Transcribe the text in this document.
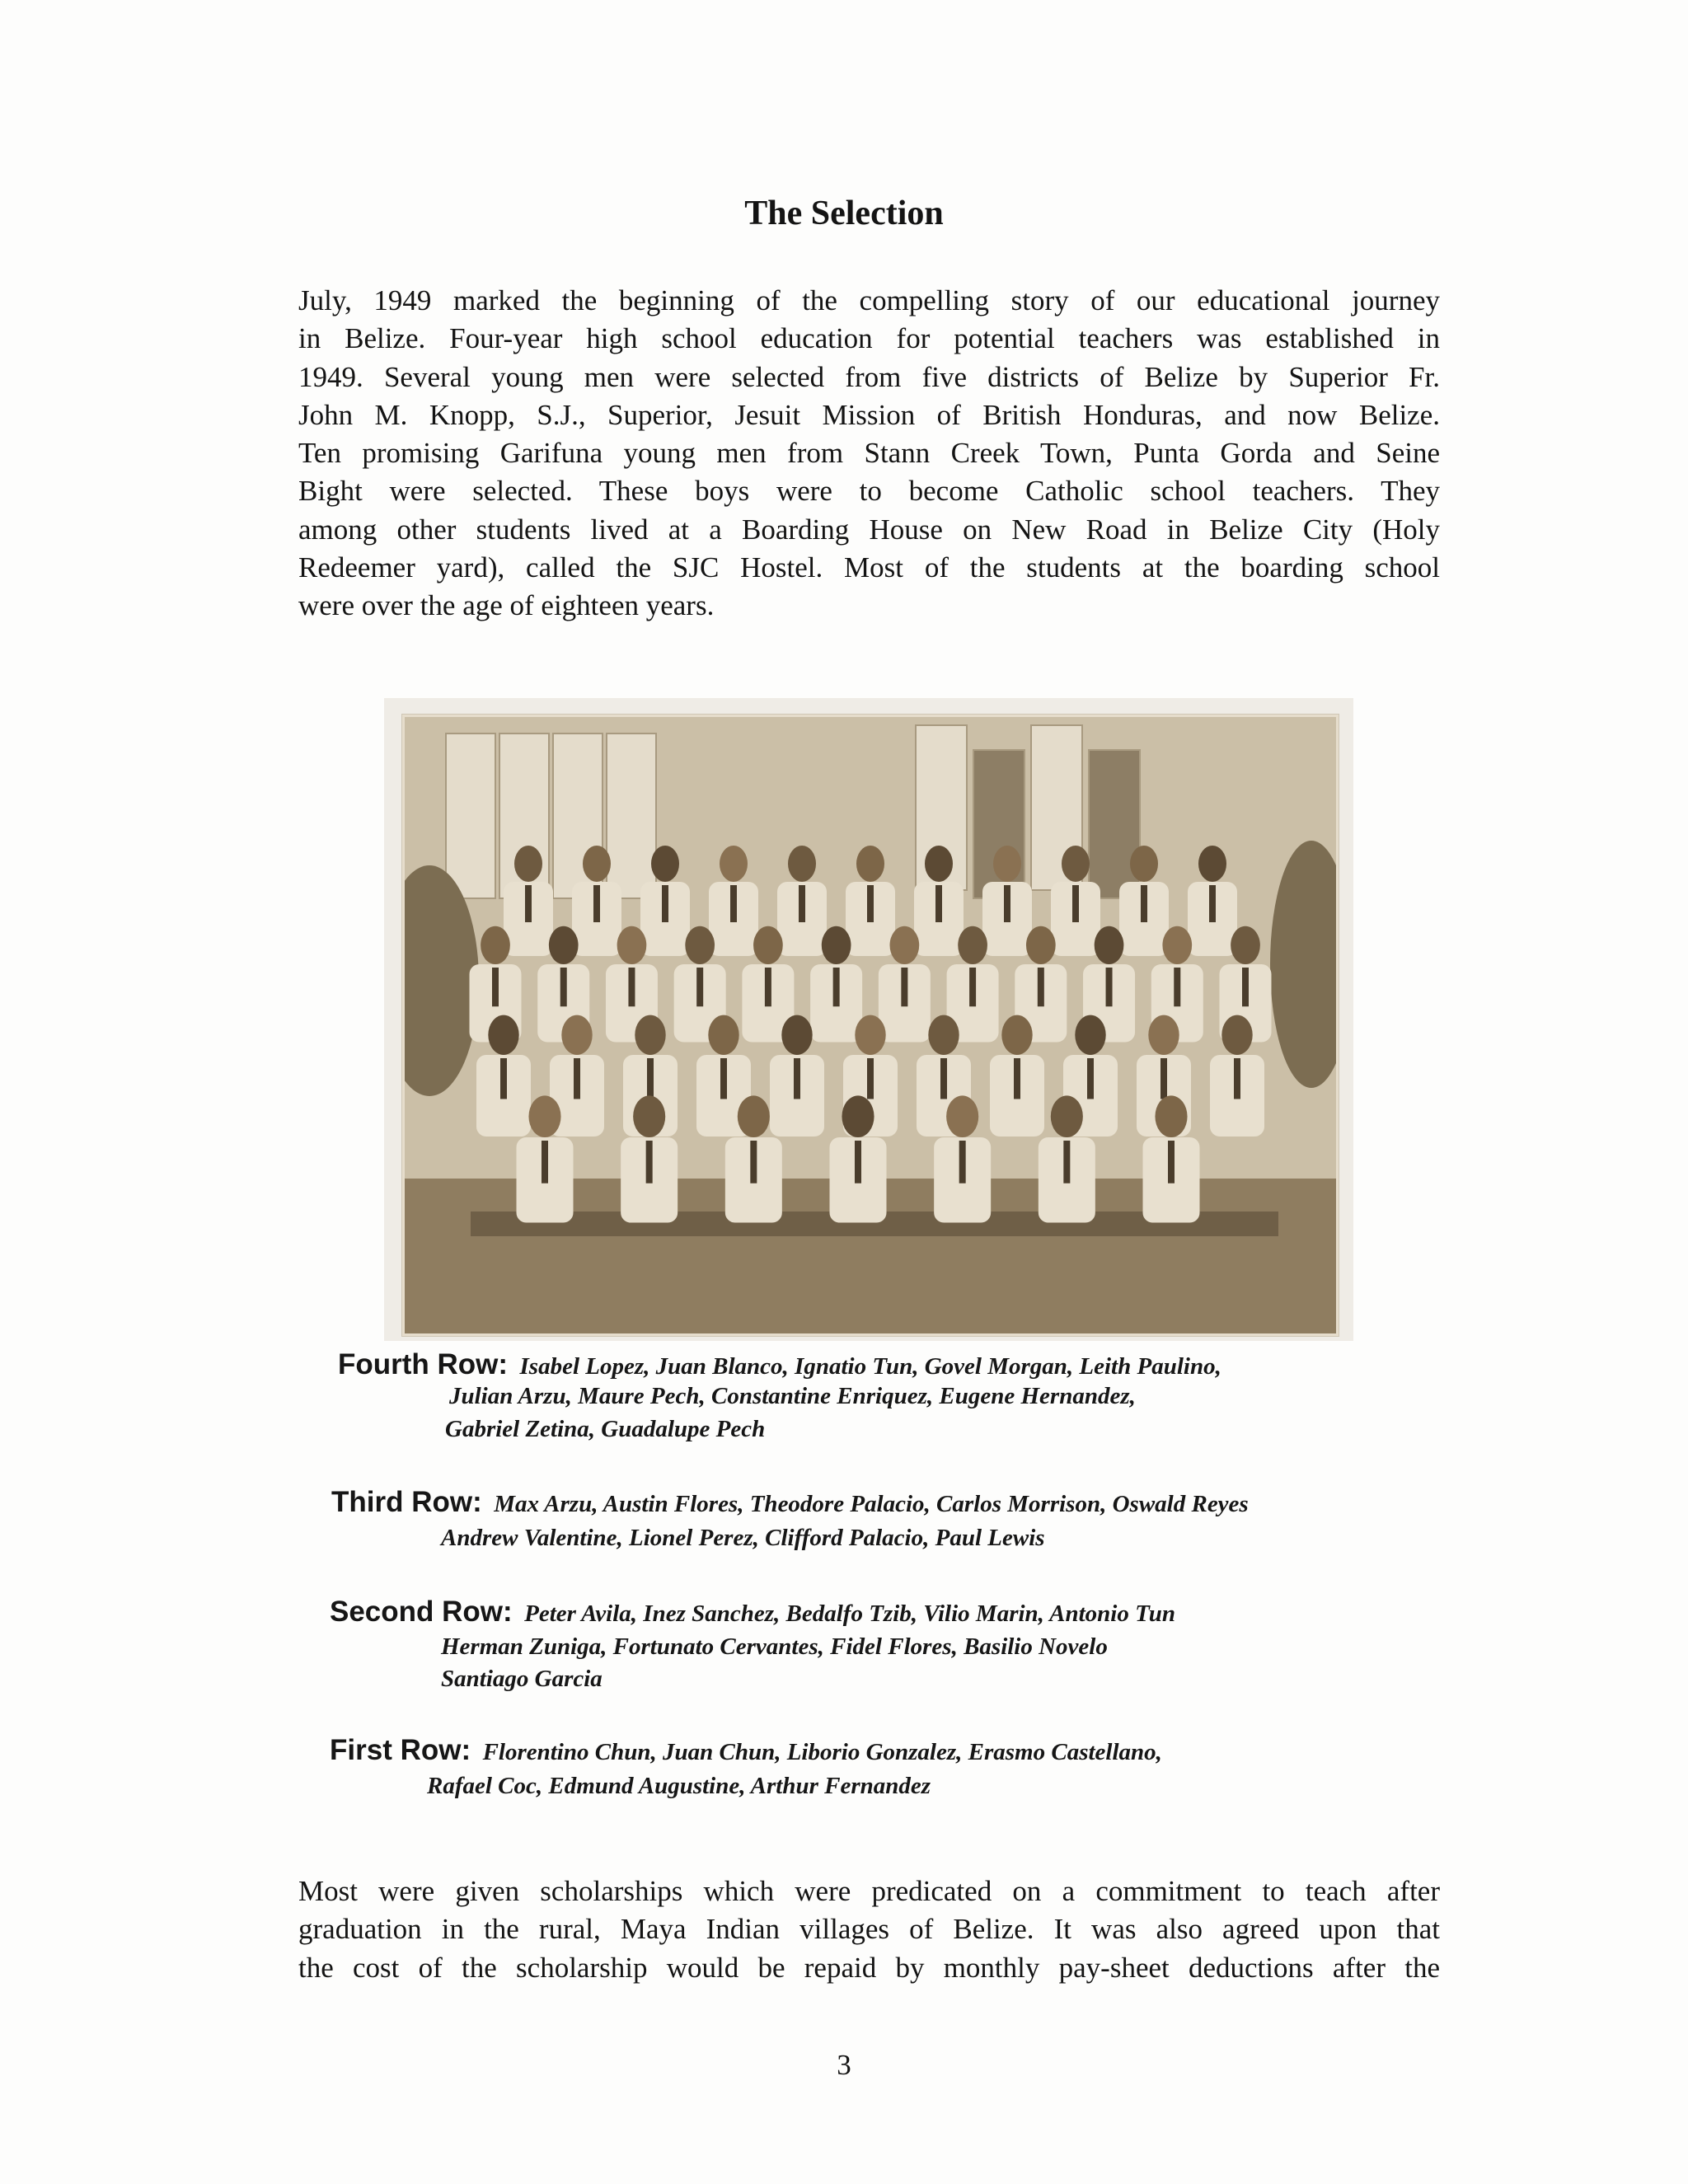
The Selection
July, 1949 marked the beginning of the compelling story of our educational journey
in Belize. Four-year high school education for potential teachers was established in
1949. Several young men were selected from five districts of Belize by Superior Fr.
John M. Knopp, S.J., Superior, Jesuit Mission of British Honduras, and now Belize.
Ten promising Garifuna young men from Stann Creek Town, Punta Gorda and Seine
Bight were selected. These boys were to become Catholic school teachers. They
among other students lived at a Boarding House on New Road in Belize City (Holy
Redeemer yard), called the SJC Hostel. Most of the students at the boarding school
were over the age of eighteen years.
Fourth Row: Isabel Lopez, Juan Blanco, Ignatio Tun, Govel Morgan, Leith Paulino,
Julian Arzu, Maure Pech, Constantine Enriquez, Eugene Hernandez,
Gabriel Zetina, Guadalupe Pech
Third Row: Max Arzu, Austin Flores, Theodore Palacio, Carlos Morrison, Oswald Reyes
Andrew Valentine, Lionel Perez, Clifford Palacio, Paul Lewis
Second Row: Peter Avila, Inez Sanchez, Bedalfo Tzib, Vilio Marin, Antonio Tun
Herman Zuniga, Fortunato Cervantes, Fidel Flores, Basilio Novelo
Santiago Garcia
First Row: Florentino Chun, Juan Chun, Liborio Gonzalez, Erasmo Castellano,
Rafael Coc, Edmund Augustine, Arthur Fernandez
Most were given scholarships which were predicated on a commitment to teach after
graduation in the rural, Maya Indian villages of Belize. It was also agreed upon that
the cost of the scholarship would be repaid by monthly pay-sheet deductions after the
3
